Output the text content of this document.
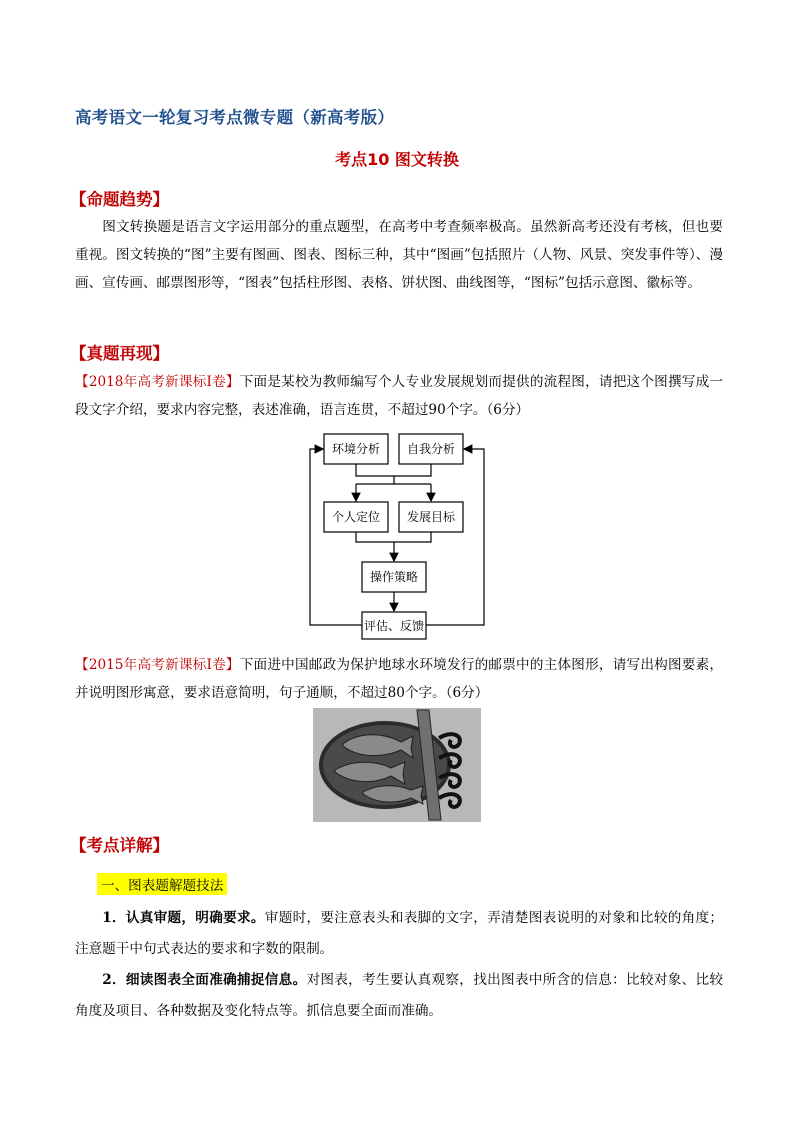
高考语文一轮复习考点微专题（新高考版）
考点10 图文转换
【命题趋势】

图文转换题是语言文字运用部分的重点题型，在高考中考查频率极高。虽然新高考还没有考核，但也要重视。图文转换的“图”主要有图画、图表、图标三种，其中“图画”包括照片（人物、风景、突发事件等）、漫画、宣传画、邮票图形等，“图表”包括柱形图、表格、饼状图、曲线图等，“图标”包括示意图、徽标等。

【真题再现】

【2018年高考新课标Ⅰ卷】下面是某校为教师编写个人专业发展规划而提供的流程图，请把这个图撰写成一段文字介绍，要求内容完整，表述准确，语言连贯，不超过90个字。（6分）

环境分析 自我分析
个人定位 发展目标
操作策略
评估、反馈

【2015年高考新课标Ⅰ卷】下面进中国邮政为保护地球水环境发行的邮票中的主体图形，请写出构图要素，并说明图形寓意，要求语意简明，句子通顺，不超过80个字。（6分）

【考点详解】
一、图表题解题技法

1．认真审题，明确要求。审题时，要注意表头和表脚的文字，弄清楚图表说明的对象和比较的角度；注意题干中句式表达的要求和字数的限制。

2．细读图表全面准确捕捉信息。对图表，考生要认真观察，找出图表中所含的信息：比较对象、比较角度及项目、各种数据及变化特点等。抓信息要全面而准确。
